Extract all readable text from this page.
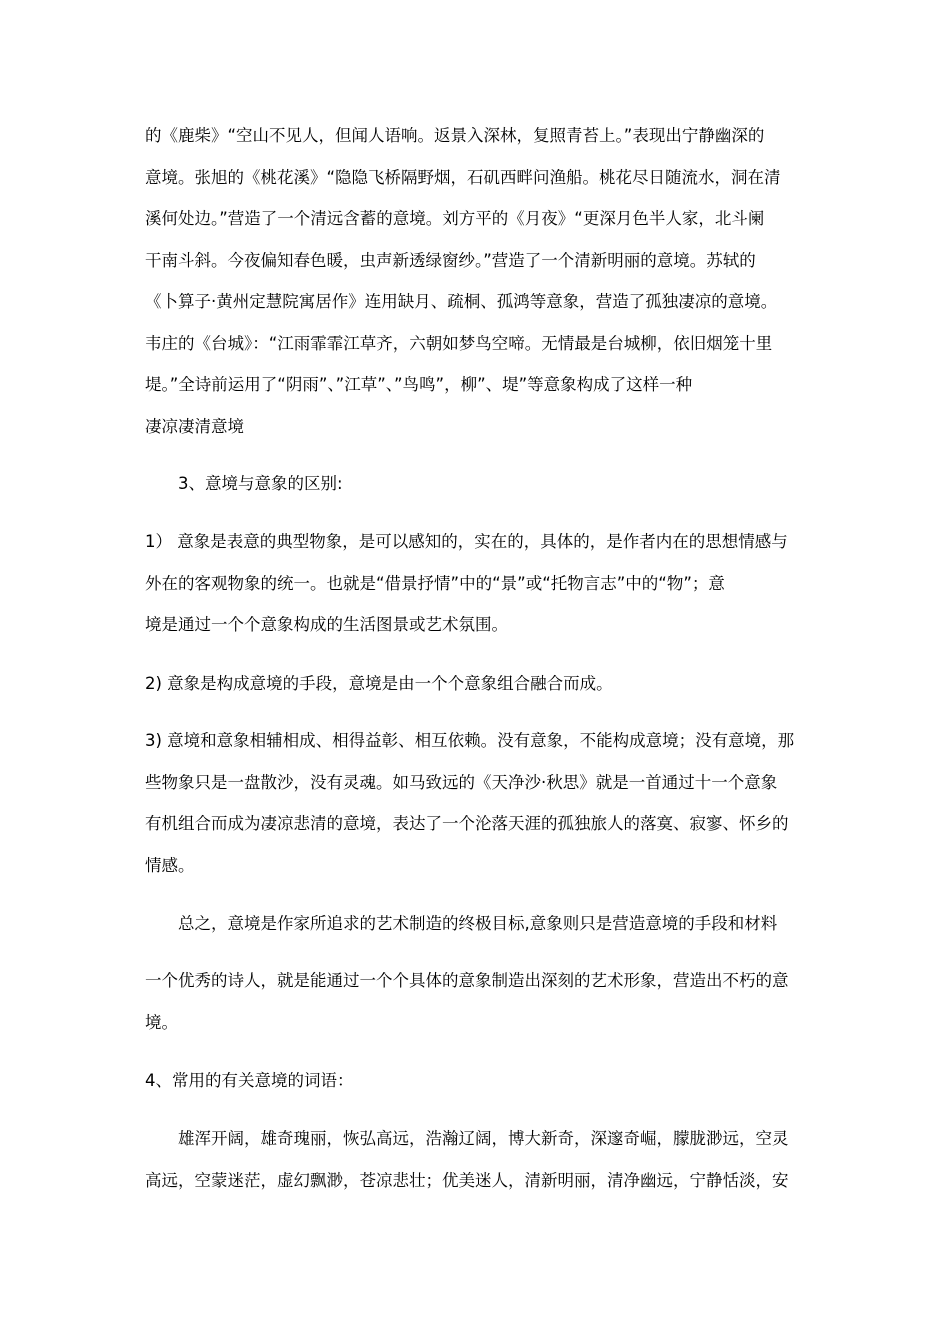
的《鹿柴》“空山不见人，但闻人语响。返景入深林，复照青苔上。”表现出宁静幽深的
意境。张旭的《桃花溪》“隐隐飞桥隔野烟，石矶西畔问渔船。桃花尽日随流水，洞在清
溪何处边。”营造了一个清远含蓄的意境。刘方平的《月夜》“更深月色半人家，北斗阑
干南斗斜。今夜偏知春色暖，虫声新透绿窗纱。”营造了一个清新明丽的意境。苏轼的
《卜算子·黄州定慧院寓居作》连用缺月、疏桐、孤鸿等意象，营造了孤独凄凉的意境。
韦庄的《台城》：“江雨霏霏江草齐，六朝如梦鸟空啼。无情最是台城柳，依旧烟笼十里
堤。”全诗前运用了“阴雨”、”江草”、”鸟鸣”，柳”、堤”等意象构成了这样一种
凄凉凄清意境

3、意境与意象的区别:

1） 意象是表意的典型物象，是可以感知的，实在的，具体的，是作者内在的思想情感与
外在的客观物象的统一。也就是“借景抒情”中的“景”或“托物言志”中的“物”；意
境是通过一个个意象构成的生活图景或艺术氛围。

2) 意象是构成意境的手段，意境是由一个个意象组合融合而成。

3) 意境和意象相辅相成、相得益彰、相互依赖。没有意象，不能构成意境；没有意境，那
些物象只是一盘散沙，没有灵魂。如马致远的《天净沙·秋思》就是一首通过十一个意象
有机组合而成为凄凉悲清的意境，表达了一个沦落天涯的孤独旅人的落寞、寂寥、怀乡的
情感。

总之，意境是作家所追求的艺术制造的终极目标,意象则只是营造意境的手段和材料

一个优秀的诗人，就是能通过一个个具体的意象制造出深刻的艺术形象，营造出不朽的意
境。

4、常用的有关意境的词语：

雄浑开阔，雄奇瑰丽，恢弘高远，浩瀚辽阔，博大新奇，深邃奇崛，朦胧渺远，空灵
高远，空蒙迷茫，虚幻飘渺，苍凉悲壮；优美迷人，清新明丽，清净幽远，宁静恬淡，安
